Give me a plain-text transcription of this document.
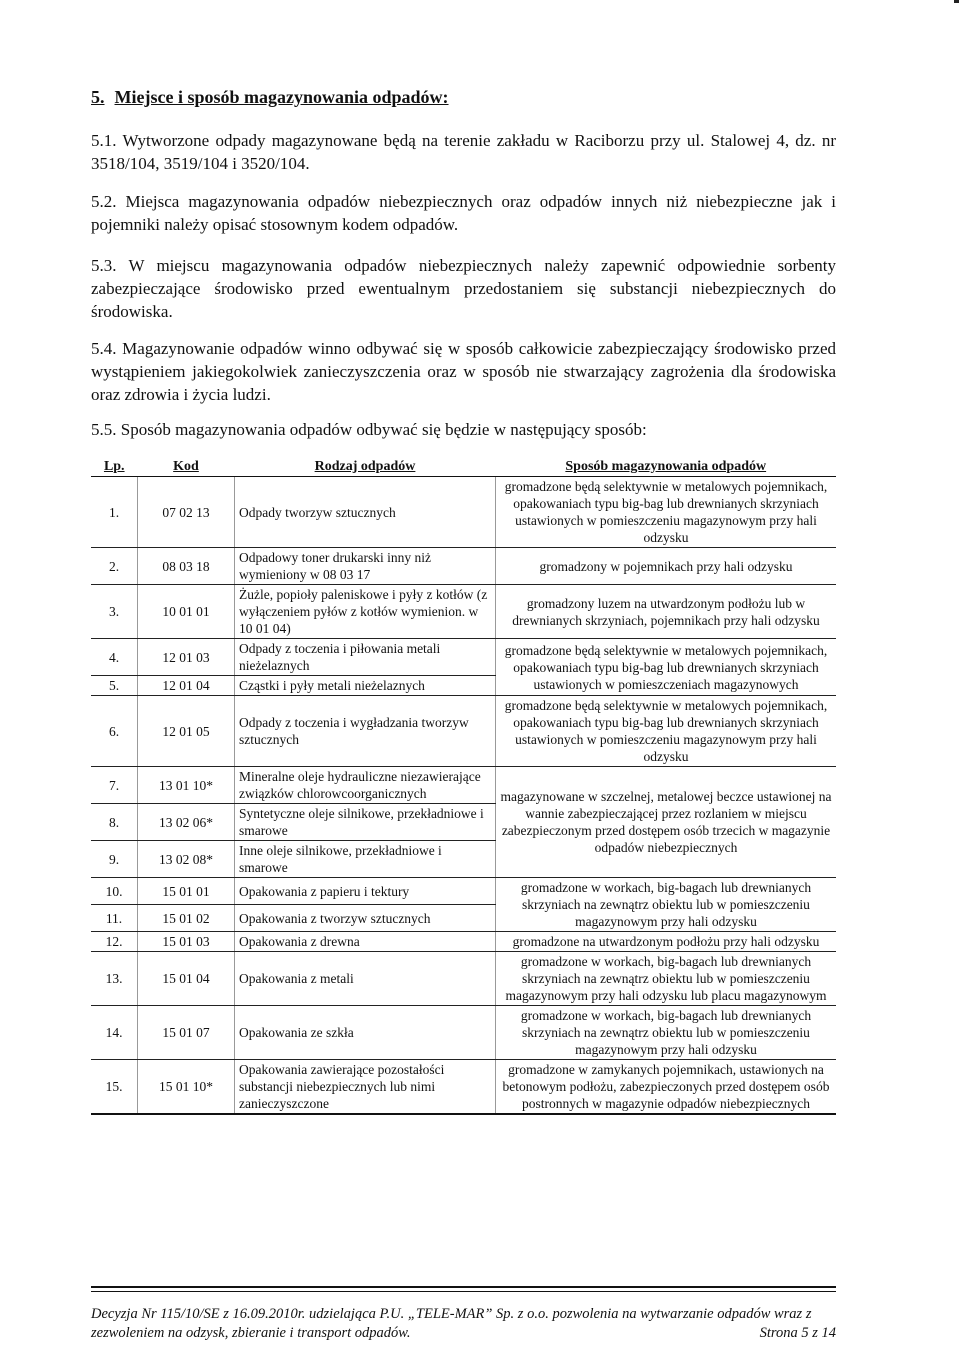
5. Miejsce i sposób magazynowania odpadów:
5.1. Wytworzone odpady magazynowane będą na terenie zakładu w Raciborzu przy ul. Stalowej 4, dz. nr 3518/104, 3519/104 i 3520/104.
5.2. Miejsca magazynowania odpadów niebezpiecznych oraz odpadów innych niż niebezpieczne jak i pojemniki należy opisać stosownym kodem odpadów.
5.3. W miejscu magazynowania odpadów niebezpiecznych należy zapewnić odpowiednie sorbenty zabezpieczające środowisko przed ewentualnym przedostaniem się substancji niebezpiecznych do środowiska.
5.4. Magazynowanie odpadów winno odbywać się w sposób całkowicie zabezpieczający środowisko przed wystąpieniem jakiegokolwiek zanieczyszczenia oraz w sposób nie stwarzający zagrożenia dla środowiska oraz zdrowia i życia ludzi.
5.5. Sposób magazynowania odpadów odbywać się będzie w następujący sposób:
Lp.	Kod	Rodzaj odpadów	Sposób magazynowania odpadów
1.	07 02 13	Odpady tworzyw sztucznych	gromadzone będą selektywnie w metalowych pojemnikach, opakowaniach typu big-bag lub drewnianych skrzyniach ustawionych w pomieszczeniu magazynowym przy hali odzysku
2.	08 03 18	Odpadowy toner drukarski inny niż wymieniony w 08 03 17	gromadzony w pojemnikach przy hali odzysku
3.	10 01 01	Żużle, popioły paleniskowe i pyły z kotłów (z wyłączeniem pyłów z kotłów wymienion. w 10 01 04)	gromadzony luzem na utwardzonym podłożu lub w drewnianych skrzyniach, pojemnikach przy hali odzysku
4.	12 01 03	Odpady z toczenia i piłowania metali nieżelaznych	gromadzone będą selektywnie w metalowych pojemnikach, opakowaniach typu big-bag lub drewnianych skrzyniach ustawionych w pomieszczeniach magazynowych
5.	12 01 04	Cząstki i pyły metali nieżelaznych	
6.	12 01 05	Odpady z toczenia i wygładzania tworzyw sztucznych	gromadzone będą selektywnie w metalowych pojemnikach, opakowaniach typu big-bag lub drewnianych skrzyniach ustawionych w pomieszczeniu magazynowym przy hali odzysku
7.	13 01 10*	Mineralne oleje hydrauliczne niezawierające związków chlorowcoorganicznych	magazynowane w szczelnej, metalowej beczce ustawionej na wannie zabezpieczającej przez rozlaniem w miejscu zabezpieczonym przed dostępem osób trzecich w magazynie odpadów niebezpiecznych
8.	13 02 06*	Syntetyczne oleje silnikowe, przekładniowe i smarowe	
9.	13 02 08*	Inne oleje silnikowe, przekładniowe i smarowe	
10.	15 01 01	Opakowania z papieru i tektury	gromadzone w workach, big-bagach lub drewnianych skrzyniach na zewnątrz obiektu lub w pomieszczeniu magazynowym przy hali odzysku
11.	15 01 02	Opakowania z tworzyw sztucznych	
12.	15 01 03	Opakowania z drewna	gromadzone na utwardzonym podłożu przy hali odzysku
13.	15 01 04	Opakowania z metali	gromadzone w workach, big-bagach lub drewnianych skrzyniach na zewnątrz obiektu lub w pomieszczeniu magazynowym przy hali odzysku lub placu magazynowym
14.	15 01 07	Opakowania ze szkła	gromadzone w workach, big-bagach lub drewnianych skrzyniach na zewnątrz obiektu lub w pomieszczeniu magazynowym przy hali odzysku
15.	15 01 10*	Opakowania zawierające pozostałości substancji niebezpiecznych lub nimi zanieczyszczone	gromadzone w zamykanych pojemnikach, ustawionych na betonowym podłożu, zabezpieczonych przed dostępem osób postronnych w magazynie odpadów niebezpiecznych
Decyzja Nr 115/10/SE z 16.09.2010r. udzielająca P.U. „TELE-MAR” Sp. z o.o. pozwolenia na wytwarzanie odpadów wraz z zezwoleniem na odzysk, zbieranie i transport odpadów.	Strona 5 z 14
